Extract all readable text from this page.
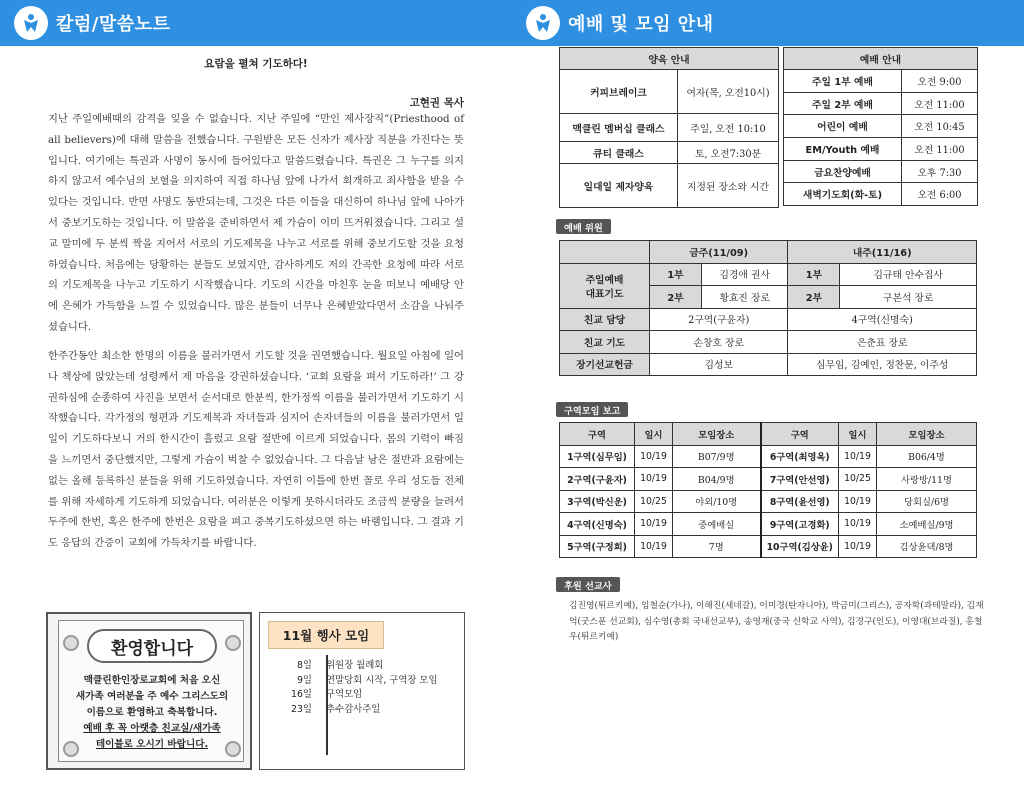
칼럼/말씀노트	예배 및 모임 안내
요람을 펼쳐 기도하다!
고현권 목사
지난 주일예배때의 감격을 잊을 수 없습니다. 지난 주일에 “만인 제사장직”(Priesthood of all believers)에 대해 말씀을 전했습니다. 구원받은 모든 신자가 제사장 직분을 가진다는 뜻입니다. 여기에는 특권과 사명이 동시에 들어있다고 말씀드렸습니다. 특권은 그 누구를 의지하지 않고서 예수님의 보혈을 의지하여 직접 하나님 앞에 나가서 회개하고 죄사함을 받을 수 있다는 것입니다. 반면 사명도 동반되는데, 그것은 다른 이들을 대신하여 하나님 앞에 나아가서 중보기도하는 것입니다. 이 말씀을 준비하면서 제 가슴이 이미 뜨거워졌습니다. 그리고 설교 말미에 두 분씩 짝을 지어서 서로의 기도제목을 나누고 서로를 위해 중보기도할 것을 요청하였습니다. 처음에는 당황하는 분들도 보였지만, 감사하게도 저의 간곡한 요청에 따라 서로의 기도제목을 나누고 기도하기 시작했습니다. 기도의 시간을 마친후 눈을 떠보니 예배당 안에 은혜가 가득함을 느낄 수 있었습니다. 많은 분들이 너무나 은혜받았다면서 소감을 나눠주셨습니다.
한주간동안 최소한 한명의 이름을 불러가면서 기도할 것을 권면했습니다. 월요일 아침에 일어나 책상에 앉았는데 성령께서 제 마음을 강권하셨습니다. ‘교회 요람을 펴서 기도하라!’ 그 강권하심에 순종하여 사진을 보면서 순서대로 한분씩, 한가정씩 이름을 불러가면서 기도하기 시작했습니다. 각가정의 형편과 기도제목과 자녀들과 심지어 손자녀들의 이름을 불러가면서 일일이 기도하다보니 거의 한시간이 흘렀고 요람 절반에 이르게 되었습니다. 몸의 기력이 빠짐을 느끼면서 중단했지만, 그렇게 가슴이 벅찰 수 없었습니다. 그 다음날 남은 절반과 요람에는 없는 올해 등록하신 분들을 위해 기도하였습니다. 자연히 이틀에 한번 꼴로 우리 성도들 전체를 위해 자세하게 기도하게 되었습니다. 여러분은 이렇게 못하시더라도 조금씩 분량을 늘려서 두주에 한번, 혹은 한주에 한번은 요람을 펴고 중복기도하셨으면 하는 바램입니다. 그 결과 기도 응답의 간증이 교회에 가득차기를 바랍니다.
환영합니다
맥클린한인장로교회에 처음 오신
새가족 여러분을 주 예수 그리스도의
이름으로 환영하고 축복합니다.
예배 후 꼭 아랫층 친교실/새가족
테이블로 오시기 바랍니다.
11월 행사 모임
8일	위원장 월례회
9일	연말당회 시작, 구역장 모임
16일	구역모임
23일	추수감사주일
양육 안내	
커피브레이크	여자(목, 오전10시)
맥클린 멤버십 클래스	주일, 오전 10:10
큐티 클래스	토, 오전7:30분
일대일 제자양육	지정된 장소와 시간
예배 안내	
주일 1부 예배	오전 9:00
주일 2부 예배	오전 11:00
어린이 예배	오전 10:45
EM/Youth 예배	오전 11:00
금요찬양예배	오후 7:30
새벽기도회(화-토)	오전 6:00
예배 위원
	금주(11/09)		내주(11/16)	

주일예배
대표기도	1부	김경애 권사	1부	김규태 안수집사
	2부	황효진 장로	2부	구본석 장로
친교 담당	2구역(구윤자)		4구역(신명숙)	
친교 기도	손창호 장로		은춘표 장로	
장기선교헌금	김성보		심무임, 김예인, 정찬문, 이주성	
구역모임 보고
구역	일시	모임장소	구역	일시	모임장소
1구역(심무임)	10/19	B07/9명	6구역(최영옥)	10/19	B06/4명
2구역(구윤자)	10/19	B04/9명	7구역(안선영)	10/25	사랑방/11명
3구역(박신운)	10/25	야외/10명	8구역(윤선영)	10/19	당회실/6명
4구역(신명숙)	10/19	중예배실	9구역(고경화)	10/19	소예배실/9명
5구역(구정희)	10/19	7명	10구역(김상윤)	10/19	김상윤댁/8명
후원 선교사
김진영(튀르키예), 임철순(가나), 이해진(세네갈), 이미경(탄자니아), 박금미(그리스), 공자학(과테말라), 김재억(굿스푼 선교회), 심수영(총회 국내선교부), 송영재(중국 신학교 사역), 김경구(인도), 이영대(브라질), 홍철우(튀르키예)
